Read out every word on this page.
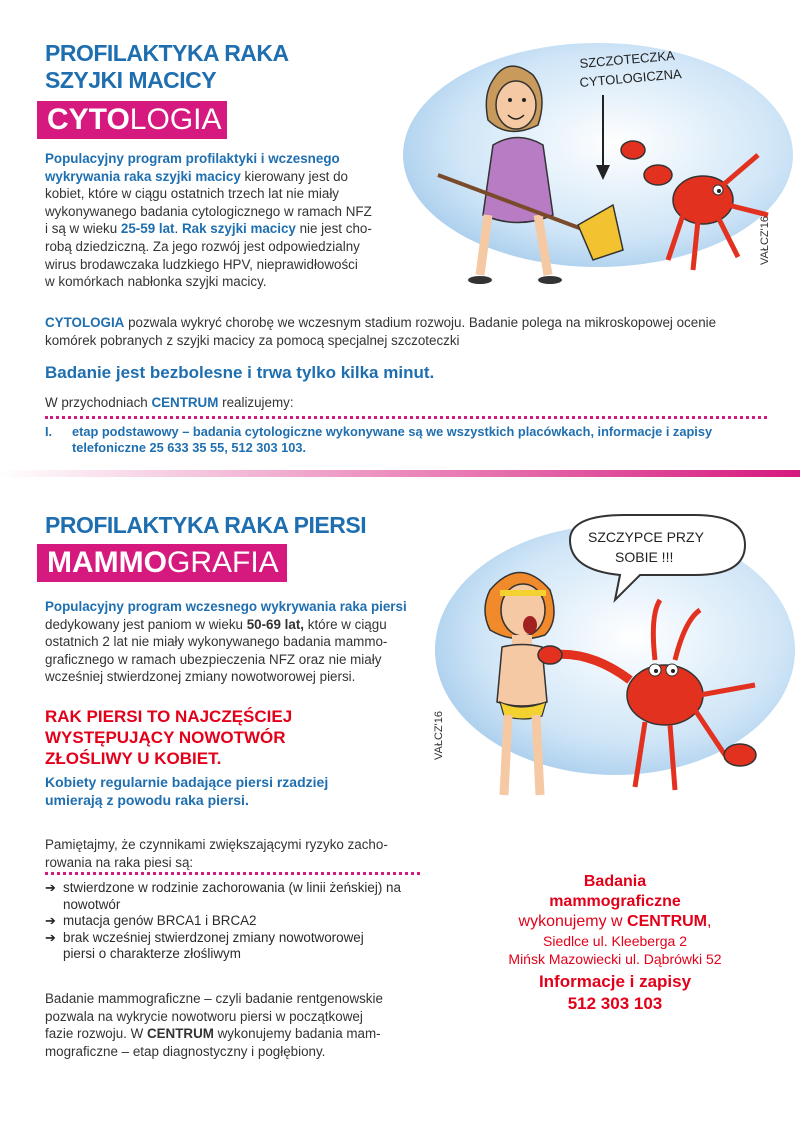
PROFILAKTYKA RAKA
SZYJKI MACICY
CYTOLOGIA
Populacyjny program profilaktyki i wczesnego
wykrywania raka szyjki macicy kierowany jest do
kobiet, które w ciągu ostatnich trzech lat nie miały
wykonywanego badania cytologicznego w ramach NFZ
i są w wieku 25-59 lat. Rak szyjki macicy nie jest cho-
robą dziedziczną. Za jego rozwój jest odpowiedzialny
wirus brodawczaka ludzkiego HPV, nieprawidłowości
w komórkach nabłonka szyjki macicy.
SZCZOTECZKA
CYTOLOGICZNA
VAŁCZ'16
CYTOLOGIA pozwala wykryć chorobę we wczesnym stadium rozwoju. Badanie polega na mikroskopowej ocenie
komórek pobranych z szyjki macicy za pomocą specjalnej szczoteczki
Badanie jest bezbolesne i trwa tylko kilka minut.
W przychodniach CENTRUM realizujemy:
I. etap podstawowy – badania cytologiczne wykonywane są we wszystkich placówkach, informacje i zapisy
telefoniczne 25 633 35 55, 512 303 103.
PROFILAKTYKA RAKA PIERSI
MAMMOGRAFIA
Populacyjny program wczesnego wykrywania raka piersi
dedykowany jest paniom w wieku 50-69 lat, które w ciągu
ostatnich 2 lat nie miały wykonywanego badania mammo-
graficznego w ramach ubezpieczenia NFZ oraz nie miały
wcześniej stwierdzonej zmiany nowotworowej piersi.
RAK PIERSI TO NAJCZĘŚCIEJ
WYSTĘPUJĄCY NOWOTWÓR
ZŁOŚLIWY U KOBIET.
Kobiety regularnie badające piersi rzadziej
umierają z powodu raka piersi.
SZCZYPCE PRZY
SOBIE !!!
VAŁCZ'16
Pamiętajmy, że czynnikami zwiększającymi ryzyko zacho-
rowania na raka piesi są:
➔ stwierdzone w rodzinie zachorowania (w linii żeńskiej) na
nowotwór
➔ mutacja genów BRCA1 i BRCA2
➔ brak wcześniej stwierdzonej zmiany nowotworowej
piersi o charakterze złośliwym
Badanie mammograficzne – czyli badanie rentgenowskie
pozwala na wykrycie nowotworu piersi w początkowej
fazie rozwoju. W CENTRUM wykonujemy badania mam-
mograficzne – etap diagnostyczny i pogłębiony.
Badania
mammograficzne
wykonujemy w CENTRUM,
Siedlce ul. Kleeberga 2
Mińsk Mazowiecki ul. Dąbrówki 52
Informacje i zapisy
512 303 103
